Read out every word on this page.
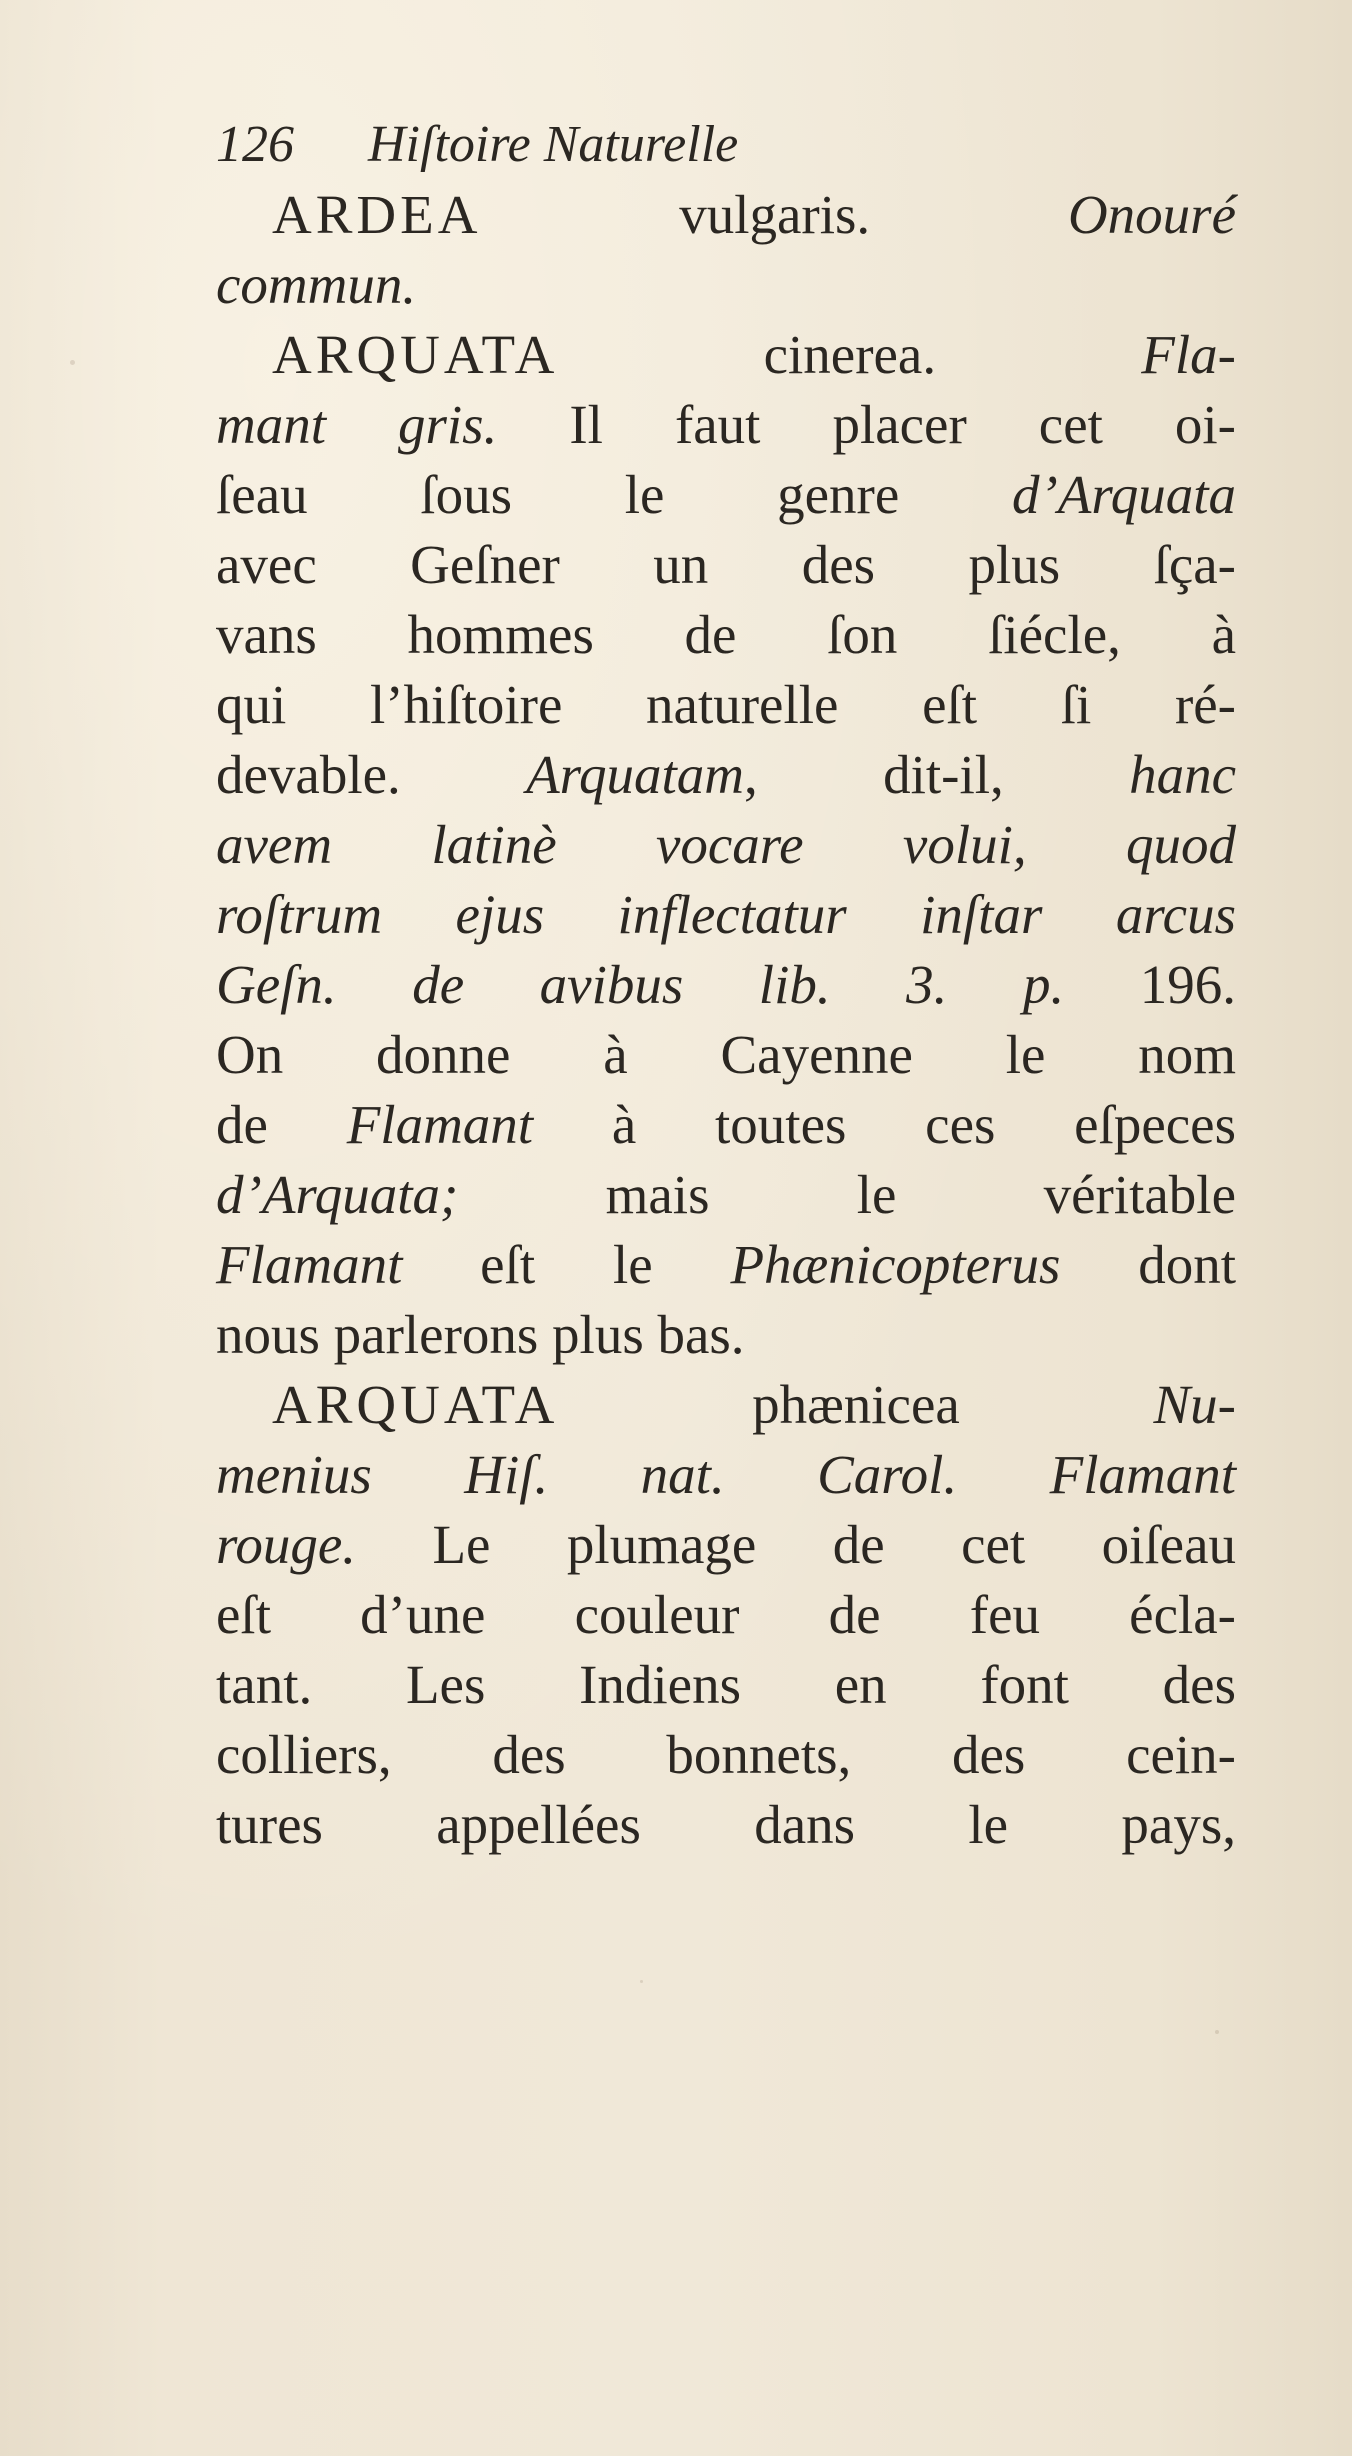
126 Hiſtoire Naturelle
ARDEA vulgaris. Onouré
commun.
ARQUATA cinerea. Fla-
mant gris. Il faut placer cet oi-
ſeau ſous le genre d’Arquata
avec Geſner un des plus ſça-
vans hommes de ſon ſiécle, à
qui l’hiſtoire naturelle eſt ſi ré-
devable. Arquatam, dit-il, hanc
avem latinè vocare volui, quod
roſtrum ejus inflectatur inſtar arcus
Geſn. de avibus lib. 3. p. 196.
On donne à Cayenne le nom
de Flamant à toutes ces eſpeces
d’Arquata; mais le véritable
Flamant eſt le Phænicopterus dont
nous parlerons plus bas.
ARQUATA phænicea Nu-
menius Hiſ. nat. Carol. Flamant
rouge. Le plumage de cet oiſeau
eſt d’une couleur de feu écla-
tant. Les Indiens en font des
colliers, des bonnets, des cein-
tures appellées dans le pays,
